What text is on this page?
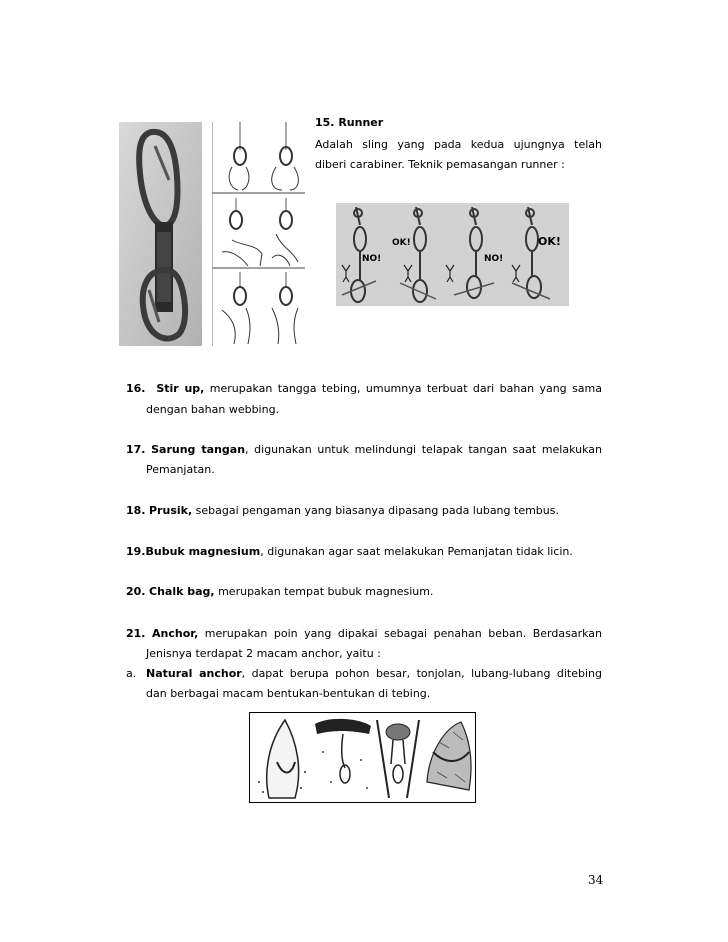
15. Runner
Adalah sling yang pada kedua ujungnya telah
diberi carabiner. Teknik pemasangan runner :
NO!
OK!
NO!
OK!
16. Stir up, merupakan tangga tebing, umumnya terbuat dari bahan yang sama
dengan bahan webbing.
17. Sarung tangan, digunakan untuk melindungi telapak tangan saat melakukan
Pemanjatan.
18. Prusik, sebagai pengaman yang biasanya dipasang pada lubang tembus.
19.Bubuk magnesium, digunakan agar saat melakukan Pemanjatan tidak licin.
20. Chalk bag, merupakan tempat bubuk magnesium.
21. Anchor, merupakan poin yang dipakai sebagai penahan beban. Berdasarkan
Jenisnya terdapat 2 macam anchor, yaitu :
a. Natural anchor, dapat berupa pohon besar, tonjolan, lubang-lubang ditebing
dan berbagai macam bentukan-bentukan di tebing.
34
